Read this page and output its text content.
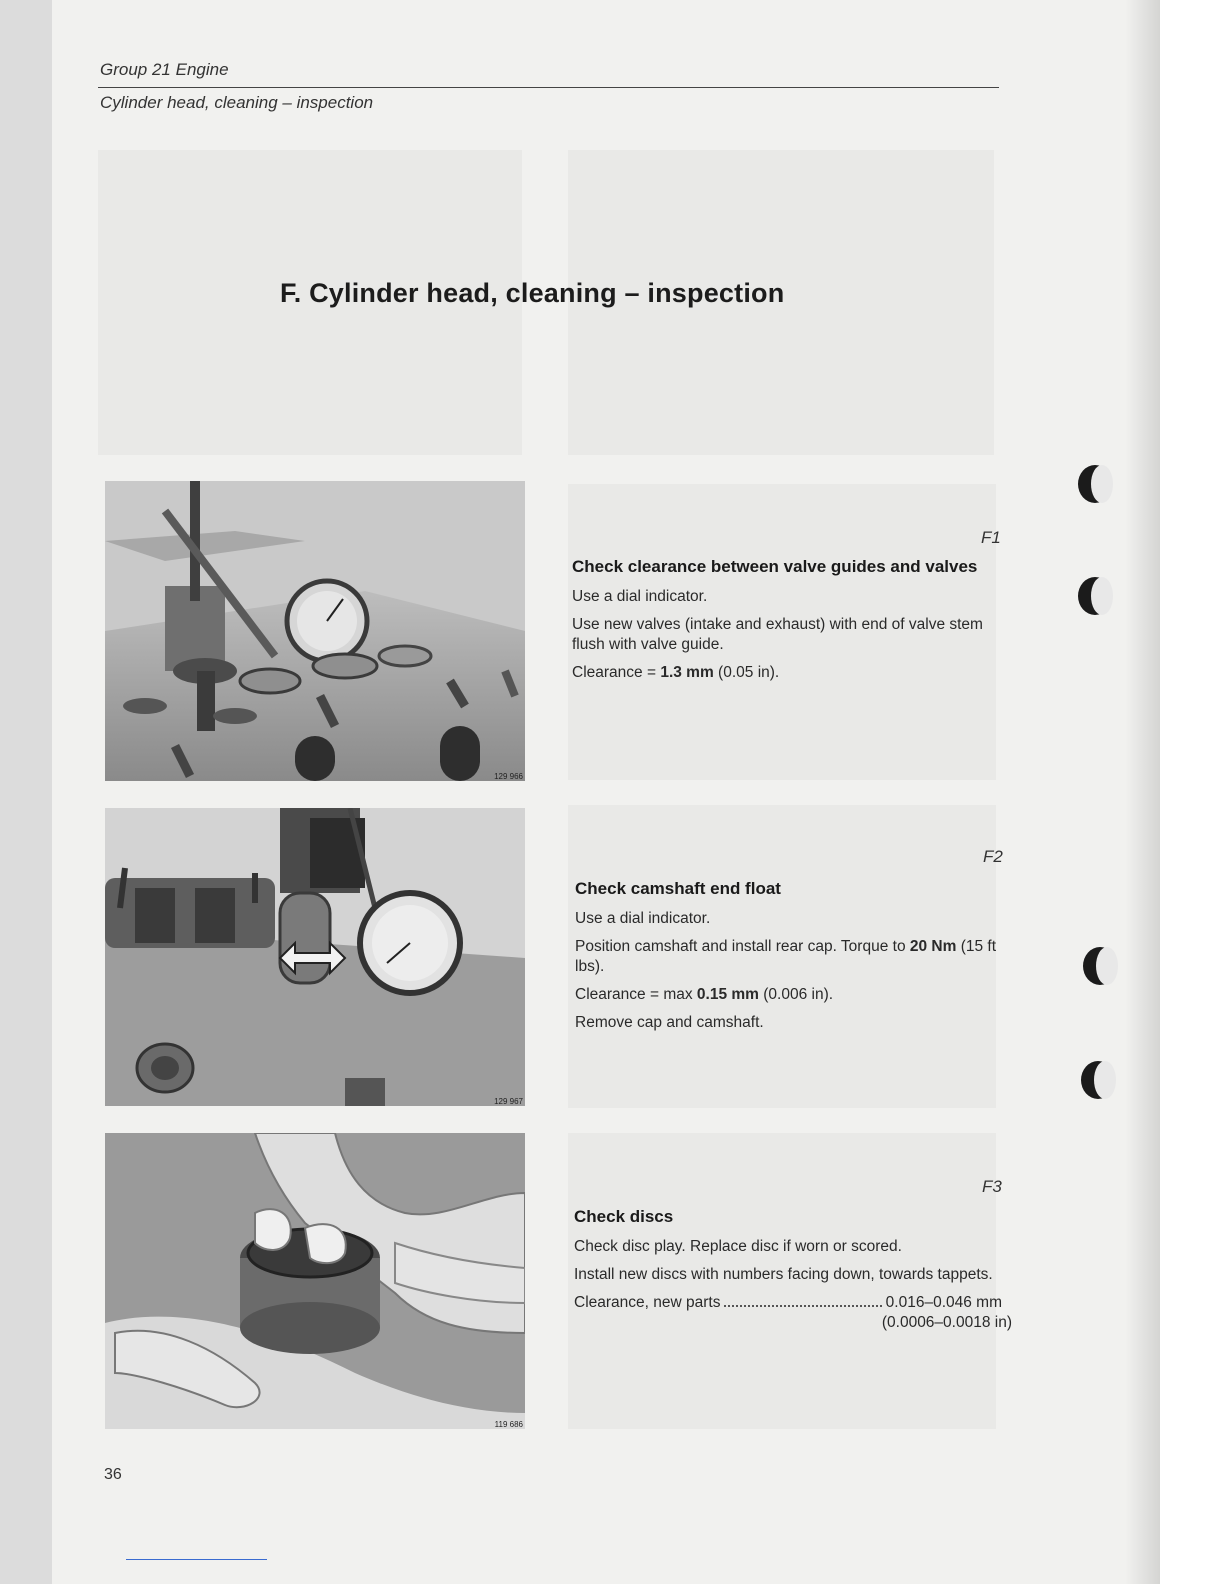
Group 21 Engine
Cylinder head, cleaning – inspection
F. Cylinder head, cleaning – inspection
129 966
129 967
119 686
F1
Check clearance between valve guides and valves
Use a dial indicator.
Use new valves (intake and exhaust) with end of valve stem flush with valve guide.
Clearance = 1.3 mm (0.05 in).
F2
Check camshaft end float
Use a dial indicator.
Position camshaft and install rear cap. Torque to 20 Nm (15 ft lbs).
Clearance = max 0.15 mm (0.006 in).
Remove cap and camshaft.
F3
Check discs
Check disc play. Replace disc if worn or scored.
Install new discs with numbers facing down, towards tappets.
Clearance, new parts	0.016–0.046 mm
(0.0006–0.0018 in)
36
